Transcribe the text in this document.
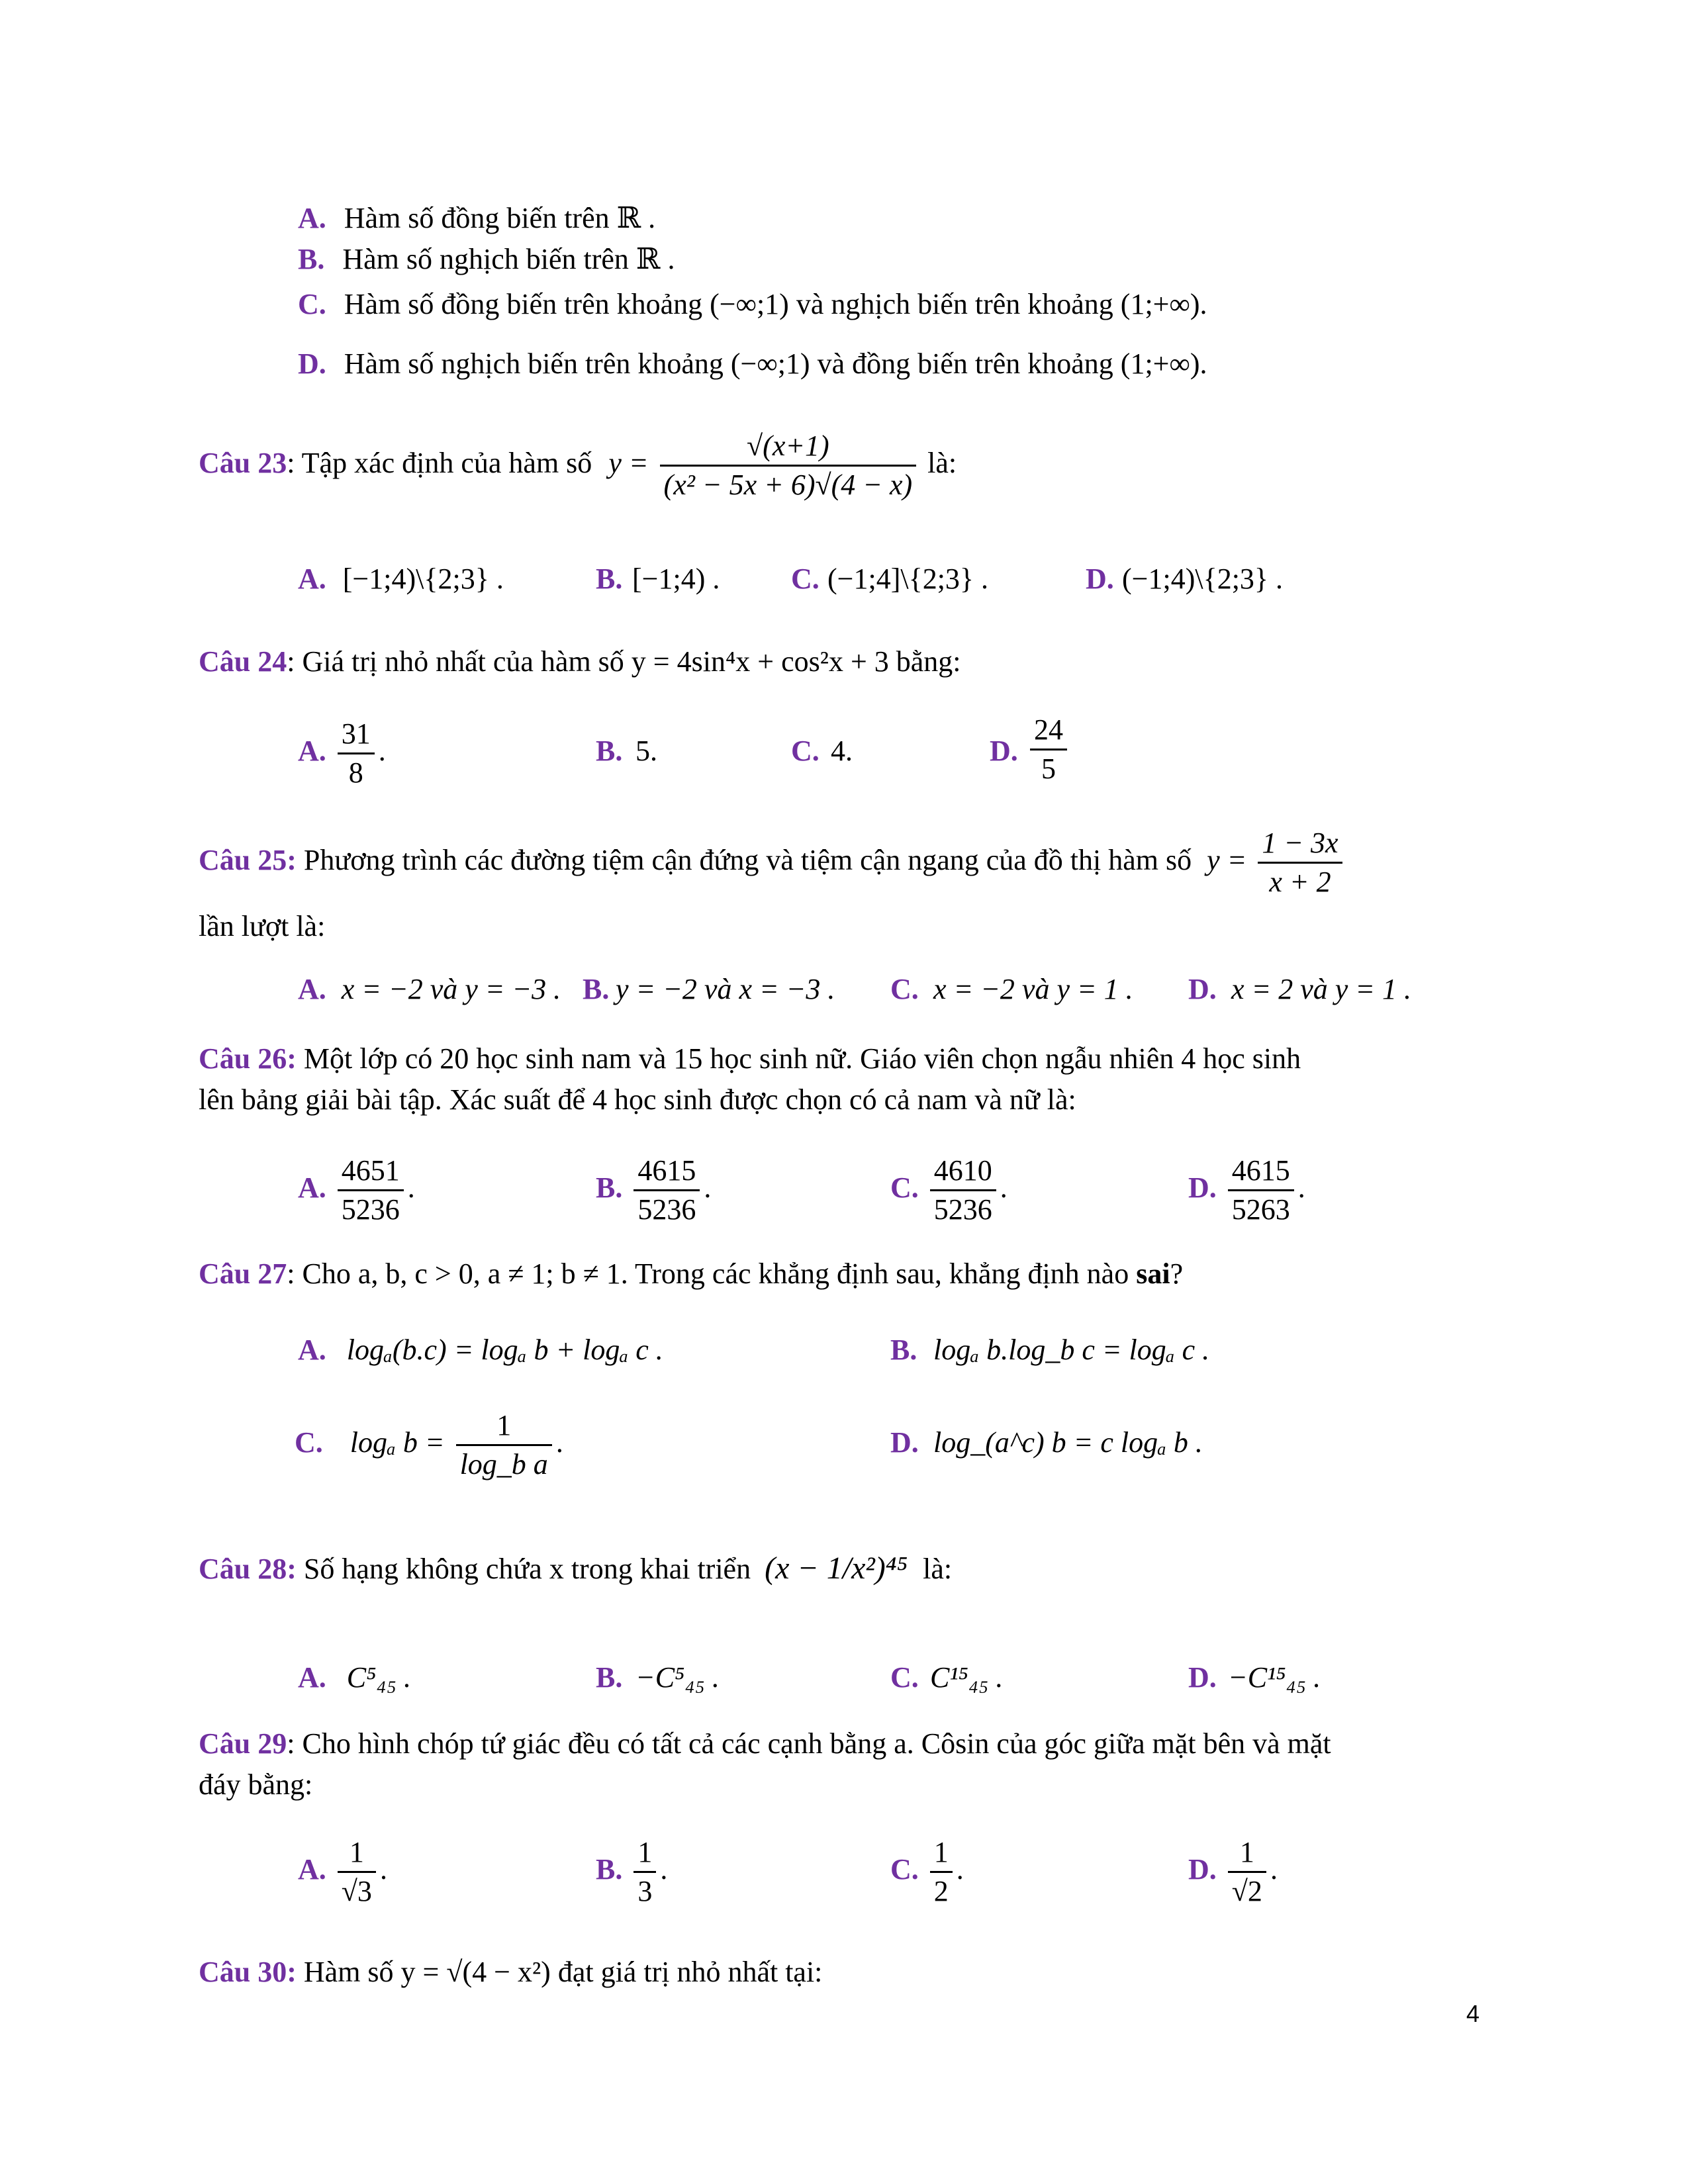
A. Hàm số đồng biến trên ℝ .
B. Hàm số nghịch biến trên ℝ .
C. Hàm số đồng biến trên khoảng (−∞;1) và nghịch biến trên khoảng (1;+∞).
D. Hàm số nghịch biến trên khoảng (−∞;1) và đồng biến trên khoảng (1;+∞).
Câu 23: Tập xác định của hàm số $y = \frac{√(x+1)}{\text{(x² − 5x + 6)√(4 − x)}}$ là:
A. [−1;4)\{2;3} .	B. [−1;4) . C. (−1;4]\{2;3} .	D. (−1;4)\{2;3} .
Câu 24: Giá trị nhỏ nhất của hàm số y = 4sin⁴x + cos²x + 3 bằng:
A. $\frac{31}{8}$ .	B. 5.	C. 4.	D. $\frac{24}{5}$
Câu 25: Phương trình các đường tiệm cận đứng và tiệm cận ngang của đồ thị hàm số $y = \frac{1 - 3x}{x + 2}$
lần lượt là:
A. x = −2 và y = −3 . B. y = −2 và x = −3 . C. x = −2 và y = 1 . D. x = 2 và y = 1 .
Câu 26: Một lớp có 20 học sinh nam và 15 học sinh nữ. Giáo viên chọn ngẫu nhiên 4 học sinh
lên bảng giải bài tập. Xác suất để 4 học sinh được chọn có cả nam và nữ là:
A. $\frac{4651}{5236}$ .	B. $\frac{4615}{5236}$ .	C. $\frac{4610}{5236}$ .	D. $\frac{4615}{5263}$ .
Câu 27: Cho a, b, c > 0, a ≠ 1; b ≠ 1. Trong các khẳng định sau, khẳng định nào sai?
A. logₐ(b.c) = logₐ b + logₐ c .	B. logₐ b.log_b c = logₐ c .
C. logₐ $b = \frac{1}{\text{log\_b a}}$ .	D. log_(a^c) b = c logₐ b .
Câu 28: Số hạng không chứa x trong khai triển (x − 1/x²)⁴⁵ là:
A. C⁵₄₅ .	B. −C⁵₄₅ .	C. C¹⁵₄₅ .	D. −C¹⁵₄₅ .
Câu 29: Cho hình chóp tứ giác đều có tất cả các cạnh bằng a. Côsin của góc giữa mặt bên và mặt
đáy bằng:
A. $\frac{1}{√3}$ .	B. $\frac{1}{3}$ .	C. $\frac{1}{2}$ .	D. $\frac{1}{√2}$ .
Câu 30: Hàm số y = √(4 − x²) đạt giá trị nhỏ nhất tại:
4
